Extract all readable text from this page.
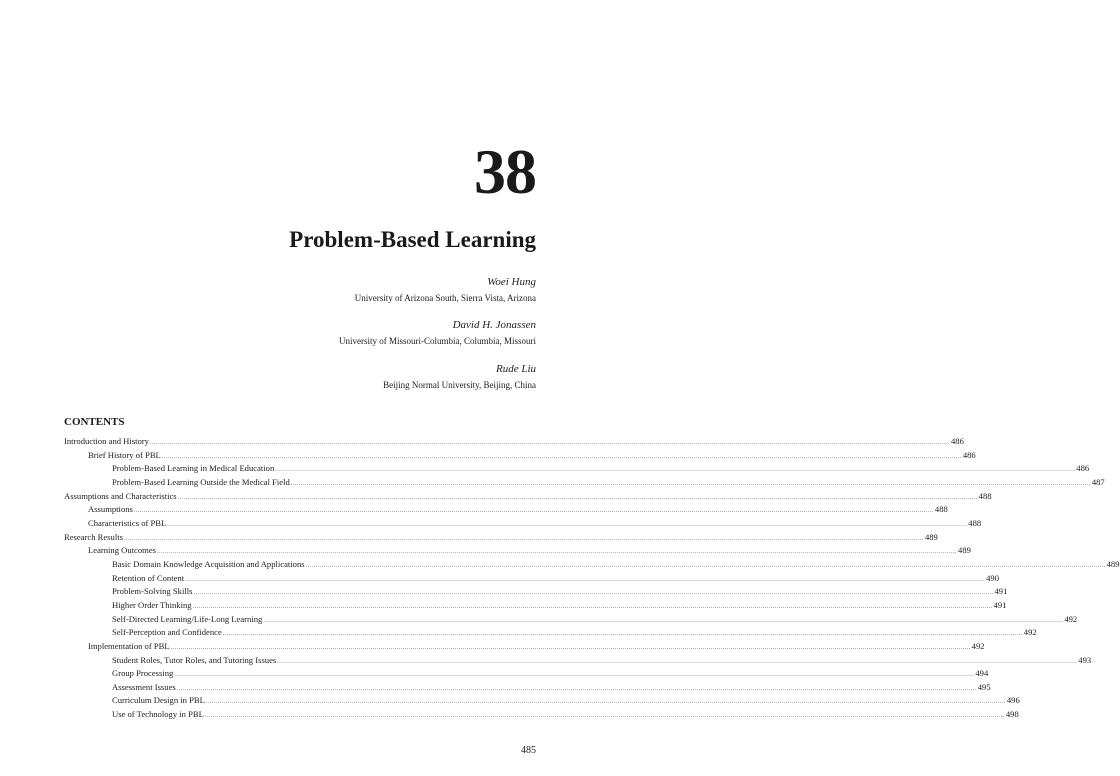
38
Problem-Based Learning
Woei Hung
University of Arizona South, Sierra Vista, Arizona
David H. Jonassen
University of Missouri-Columbia, Columbia, Missouri
Rude Liu
Beijing Normal University, Beijing, China
CONTENTS
Introduction and History ................................................................................................................................................................................................................................................................................................................................................................................................................ 486
Brief History of PBL ................................................................................................................................................................................................................................................................................................................................................................................................................ 486
Problem-Based Learning in Medical Education ................................................................................................................................................................................................................................................................................................................................................................................................................ 486
Problem-Based Learning Outside the Medical Field ................................................................................................................................................................................................................................................................................................................................................................................................................ 487
Assumptions and Characteristics ................................................................................................................................................................................................................................................................................................................................................................................................................ 488
Assumptions ................................................................................................................................................................................................................................................................................................................................................................................................................ 488
Characteristics of PBL ................................................................................................................................................................................................................................................................................................................................................................................................................ 488
Research Results ................................................................................................................................................................................................................................................................................................................................................................................................................ 489
Learning Outcomes ................................................................................................................................................................................................................................................................................................................................................................................................................ 489
Basic Domain Knowledge Acquisition and Applications ................................................................................................................................................................................................................................................................................................................................................................................................................ 489
Retention of Content ................................................................................................................................................................................................................................................................................................................................................................................................................ 490
Problem-Solving Skills ................................................................................................................................................................................................................................................................................................................................................................................................................ 491
Higher Order Thinking ................................................................................................................................................................................................................................................................................................................................................................................................................ 491
Self-Directed Learning/Life-Long Learning ................................................................................................................................................................................................................................................................................................................................................................................................................ 492
Self-Perception and Confidence ................................................................................................................................................................................................................................................................................................................................................................................................................ 492
Implementation of PBL ................................................................................................................................................................................................................................................................................................................................................................................................................ 492
Student Roles, Tutor Roles, and Tutoring Issues ................................................................................................................................................................................................................................................................................................................................................................................................................ 493
Group Processing ................................................................................................................................................................................................................................................................................................................................................................................................................ 494
Assessment Issues ................................................................................................................................................................................................................................................................................................................................................................................................................ 495
Curriculum Design in PBL ................................................................................................................................................................................................................................................................................................................................................................................................................ 496
Use of Technology in PBL ................................................................................................................................................................................................................................................................................................................................................................................................................ 498
485
